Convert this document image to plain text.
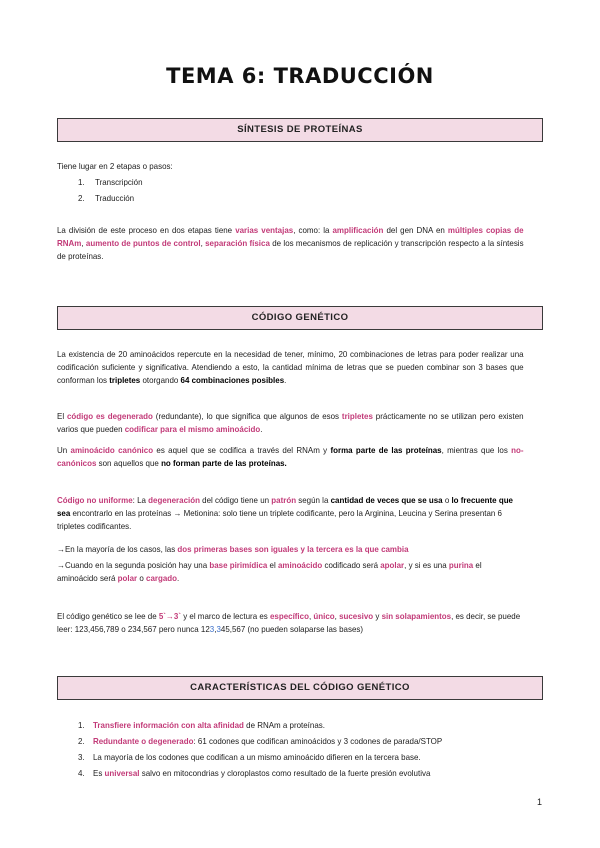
TEMA 6: TRADUCCIÓN
SÍNTESIS DE PROTEÍNAS
Tiene lugar en 2 etapas o pasos:
1. Transcripción
2. Traducción
La división de este proceso en dos etapas tiene varias ventajas, como: la amplificación del gen DNA en múltiples copias de RNAm, aumento de puntos de control, separación física de los mecanismos de replicación y transcripción respecto a la síntesis de proteínas.
CÓDIGO GENÉTICO
La existencia de 20 aminoácidos repercute en la necesidad de tener, mínimo, 20 combinaciones de letras para poder realizar una codificación suficiente y significativa. Atendiendo a esto, la cantidad mínima de letras que se pueden combinar son 3 bases que conforman los tripletes otorgando 64 combinaciones posibles.
El código es degenerado (redundante), lo que significa que algunos de esos tripletes prácticamente no se utilizan pero existen varios que pueden codificar para el mismo aminoácido.
Un aminoácido canónico es aquel que se codifica a través del RNAm y forma parte de las proteínas, mientras que los no-canónicos son aquellos que no forman parte de las proteínas.
Código no uniforme: La degeneración del código tiene un patrón según la cantidad de veces que se usa o lo frecuente que sea encontrarlo en las proteínas → Metionina: solo tiene un triplete codificante, pero la Arginina, Leucina y Serina presentan 6 tripletes codificantes.
→En la mayoría de los casos, las dos primeras bases son iguales y la tercera es la que cambia
→Cuando en la segunda posición hay una base pirimídica el aminoácido codificado será apolar, y si es una purina el aminoácido será polar o cargado.
El código genético se lee de 5`→3` y el marco de lectura es específico, único, sucesivo y sin solapamientos, es decir, se puede leer: 123,456,789 o 234,567 pero nunca 123,345,567 (no pueden solaparse las bases)
CARACTERÍSTICAS DEL CÓDIGO GENÉTICO
1. Transfiere información con alta afinidad de RNAm a proteínas.
2. Redundante o degenerado: 61 codones que codifican aminoácidos y 3 codones de parada/STOP
3. La mayoría de los codones que codifican a un mismo aminoácido difieren en la tercera base.
4. Es universal salvo en mitocondrias y cloroplastos como resultado de la fuerte presión evolutiva
1
